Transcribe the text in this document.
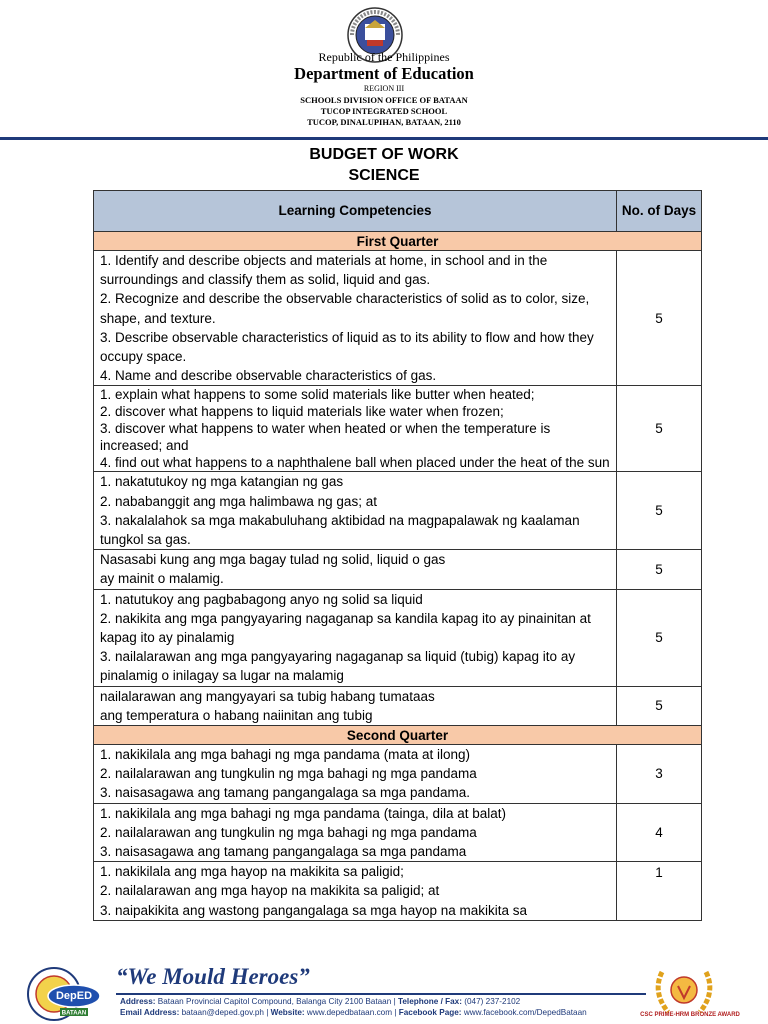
Republic of the Philippines
Department of Education
REGION III
SCHOOLS DIVISION OFFICE OF BATAAN
TUCOP INTEGRATED SCHOOL
TUCOP, DINALUPIHAN, BATAAN, 2110
BUDGET OF WORK
SCIENCE
Learning Competencies	No. of Days
First Quarter	

1. Identify and describe objects and materials at home, in school and in the surroundings and classify them as solid, liquid and gas.
2. Recognize and describe the observable characteristics of solid as to color, size, shape, and texture.
3. Describe observable characteristics of liquid as to its ability to flow and how they occupy space.
4. Name and describe observable characteristics of gas.	5

1. explain what happens to some solid materials like butter when heated;
2. discover what happens to liquid materials like water when frozen;
3. discover what happens to water when heated or when the temperature is increased; and
4. find out what happens to a naphthalene ball when placed under the heat of the sun	5

1. nakatutukoy ng mga katangian ng gas
2. nababanggit ang mga halimbawa ng gas; at
3. nakalalahok sa mga makabuluhang aktibidad na magpapalawak ng kaalaman tungkol sa gas.	5

Nasasabi kung ang mga bagay tulad ng solid, liquid o gas
ay mainit o malamig.	5

1. natutukoy ang pagbabagong anyo ng solid sa liquid
2. nakikita ang mga pangyayaring nagaganap sa kandila kapag ito ay pinainitan at kapag ito ay pinalamig
3. nailalarawan ang mga pangyayaring nagaganap sa liquid (tubig) kapag ito ay pinalamig o inilagay sa lugar na malamig	5

nailalarawan ang mangyayari sa tubig habang tumataas
ang temperatura o habang naiinitan ang tubig	5
Second Quarter	

1. nakikilala ang mga bahagi ng mga pandama (mata at ilong)
2. nailalarawan ang tungkulin ng mga bahagi ng mga pandama
3. naisasagawa ang tamang pangangalaga sa mga pandama.	3

1. nakikilala ang mga bahagi ng mga pandama (tainga, dila at balat)
2. nailalarawan ang tungkulin ng mga bahagi ng mga pandama
3. naisasagawa ang tamang pangangalaga sa mga pandama	4

1. nakikilala ang mga hayop na makikita sa paligid;
2. nailalarawan ang mga hayop na makikita sa paligid; at
3. naipakikita ang wastong pangangalaga sa mga hayop na makikita sa	1
DepED
BATAAN
“We Mould Heroes”
Address: Bataan Provincial Capitol Compound, Balanga City 2100 Bataan | Telephone / Fax: (047) 237-2102
Email Address: bataan@deped.gov.ph | Website: www.depedbataan.com | Facebook Page: www.facebook.com/DepedBataan	CSC PRIME-HRM BRONZE AWARD
